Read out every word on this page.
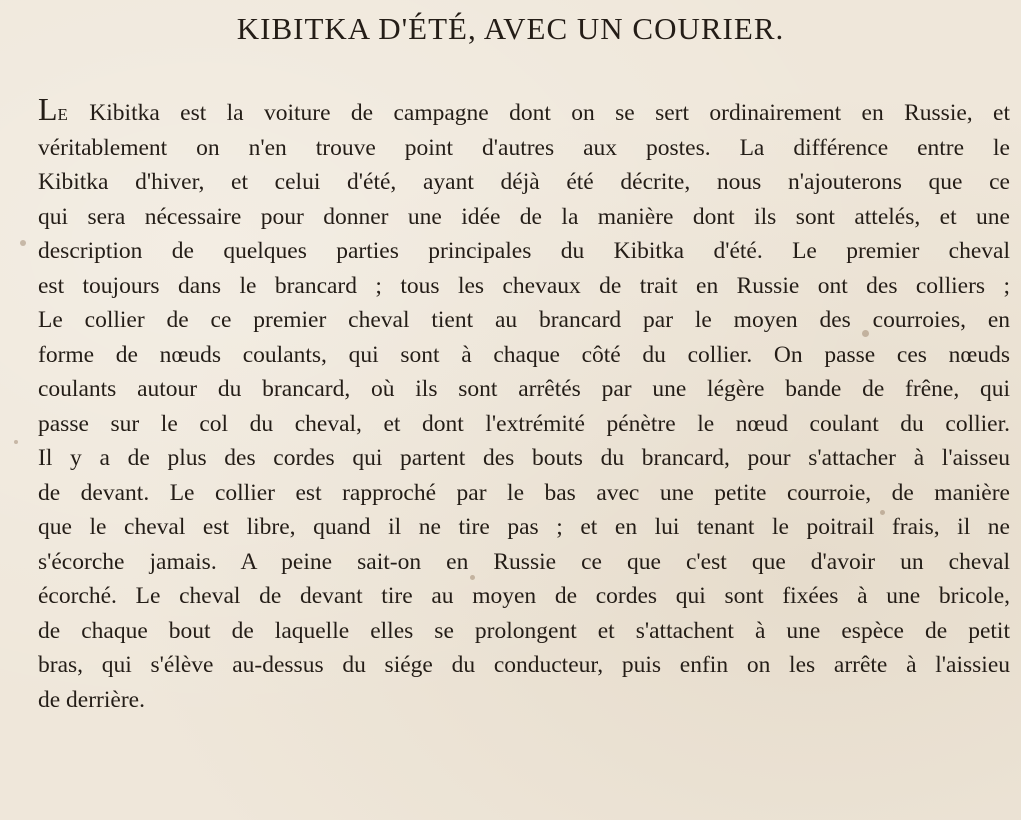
KIBITKA D'ÉTÉ, AVEC UN COURIER.
LE Kibitka est la voiture de campagne dont on se sert ordinairement en Russie, et
véritablement on n'en trouve point d'autres aux postes. La différence entre le
Kibitka d'hiver, et celui d'été, ayant déjà été décrite, nous n'ajouterons que ce
qui sera nécessaire pour donner une idée de la manière dont ils sont attelés, et une
description de quelques parties principales du Kibitka d'été. Le premier cheval
est toujours dans le brancard ; tous les chevaux de trait en Russie ont des colliers ;
Le collier de ce premier cheval tient au brancard par le moyen des courroies, en
forme de nœuds coulants, qui sont à chaque côté du collier. On passe ces nœuds
coulants autour du brancard, où ils sont arrêtés par une légère bande de frêne, qui
passe sur le col du cheval, et dont l'extrémité pénètre le nœud coulant du collier.
Il y a de plus des cordes qui partent des bouts du brancard, pour s'attacher à l'aisseu
de devant. Le collier est rapproché par le bas avec une petite courroie, de manière
que le cheval est libre, quand il ne tire pas ; et en lui tenant le poitrail frais, il ne
s'écorche jamais. A peine sait-on en Russie ce que c'est que d'avoir un cheval
écorché. Le cheval de devant tire au moyen de cordes qui sont fixées à une bricole,
de chaque bout de laquelle elles se prolongent et s'attachent à une espèce de petit
bras, qui s'élève au-dessus du siége du conducteur, puis enfin on les arrête à l'aissieu
de derrière.
